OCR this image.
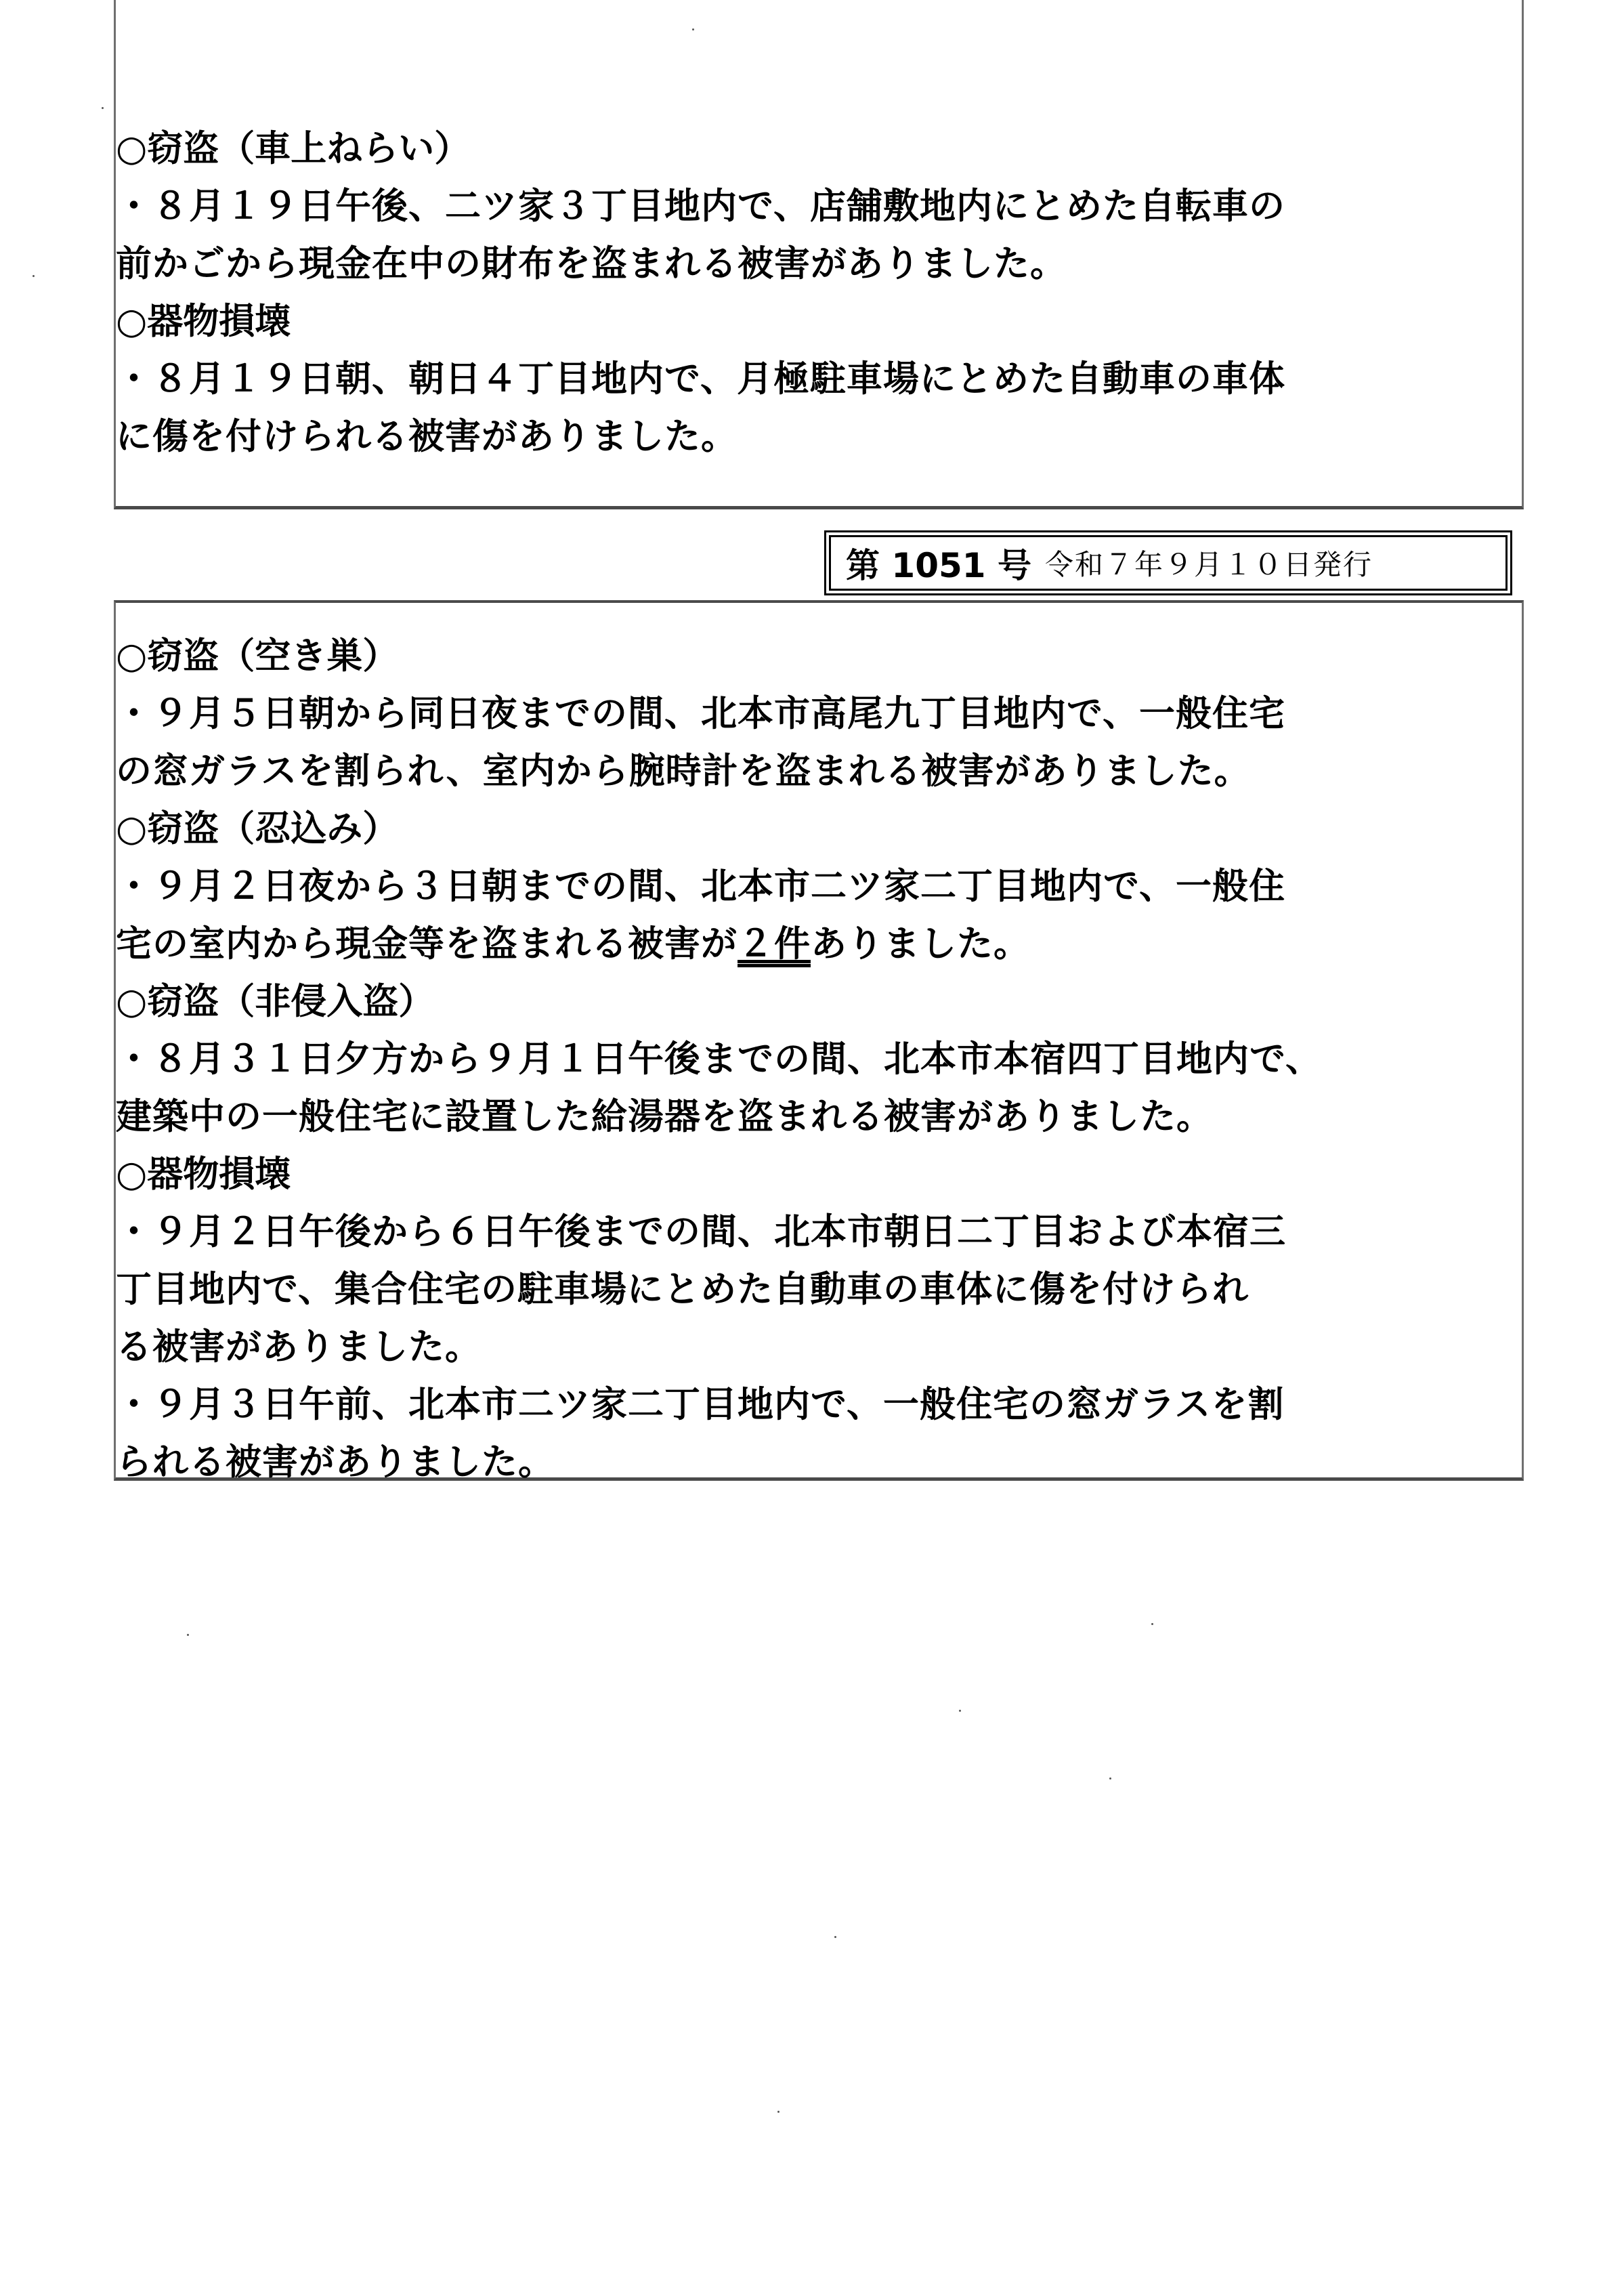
○窃盗（車上ねらい）
・８月１９日午後、二ツ家３丁目地内で、店舗敷地内にとめた自転車の
前かごから現金在中の財布を盗まれる被害がありました。
○器物損壊
・８月１９日朝、朝日４丁目地内で、月極駐車場にとめた自動車の車体
に傷を付けられる被害がありました。
第 1051 号 令和７年９月１０日発行
○窃盗（空き巣）
・９月５日朝から同日夜までの間、北本市高尾九丁目地内で、一般住宅
の窓ガラスを割られ、室内から腕時計を盗まれる被害がありました。
○窃盗（忍込み）
・９月２日夜から３日朝までの間、北本市二ツ家二丁目地内で、一般住
宅の室内から現金等を盗まれる被害が２件ありました。
○窃盗（非侵入盗）
・８月３１日夕方から９月１日午後までの間、北本市本宿四丁目地内で、
建築中の一般住宅に設置した給湯器を盗まれる被害がありました。
○器物損壊
・９月２日午後から６日午後までの間、北本市朝日二丁目および本宿三
丁目地内で、集合住宅の駐車場にとめた自動車の車体に傷を付けられ
る被害がありました。
・９月３日午前、北本市二ツ家二丁目地内で、一般住宅の窓ガラスを割
られる被害がありました。
